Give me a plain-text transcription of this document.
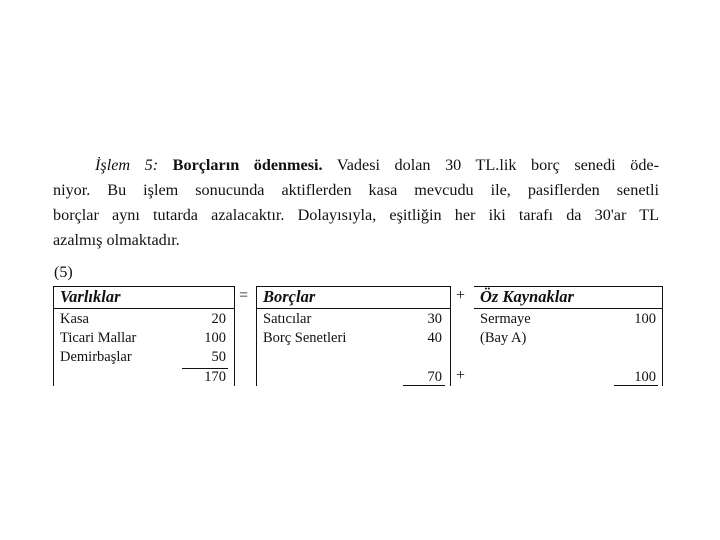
İşlem 5: Borçların ödenmesi. Vadesi dolan 30 TL.lik borç senedi öde-
niyor. Bu işlem sonucunda aktiflerden kasa mevcudu ile, pasiflerden senetli
borçlar aynı tutarda azalacaktır. Dolayısıyla, eşitliğin her iki tarafı da 30'ar TL
azalmış olmaktadır.
(5)
Varlıklar
Kasa	20
Ticari Mallar	100
Demirbaşlar	50
170
= Borçlar
Satıcılar	30
Borç Senetleri	40
70
+
+
Öz Kaynaklar
Sermaye	100
(Bay A)
100
